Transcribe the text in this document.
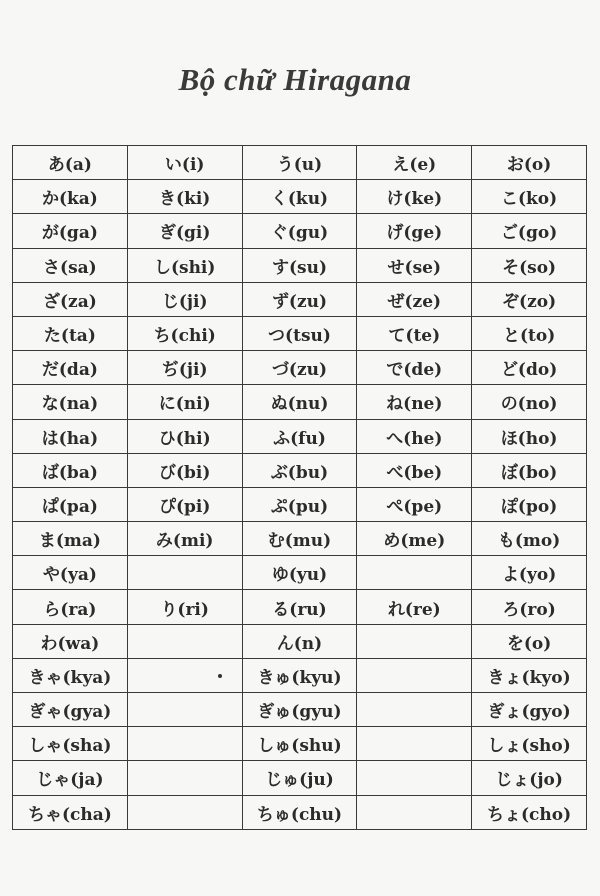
Bộ chữ Hiragana
あ(a)	い(i)	う(u)	え(e)	お(o)
か(ka)	き(ki)	く(ku)	け(ke)	こ(ko)
が(ga)	ぎ(gi)	ぐ(gu)	げ(ge)	ご(go)
さ(sa)	し(shi)	す(su)	せ(se)	そ(so)
ざ(za)	じ(ji)	ず(zu)	ぜ(ze)	ぞ(zo)
た(ta)	ち(chi)	つ(tsu)	て(te)	と(to)
だ(da)	ぢ(ji)	づ(zu)	で(de)	ど(do)
な(na)	に(ni)	ぬ(nu)	ね(ne)	の(no)
は(ha)	ひ(hi)	ふ(fu)	へ(he)	ほ(ho)
ば(ba)	び(bi)	ぶ(bu)	べ(be)	ぼ(bo)
ぱ(pa)	ぴ(pi)	ぷ(pu)	ぺ(pe)	ぽ(po)
ま(ma)	み(mi)	む(mu)	め(me)	も(mo)
や(ya)		ゆ(yu)		よ(yo)
ら(ra)	り(ri)	る(ru)	れ(re)	ろ(ro)
わ(wa)		ん(n)		を(o)
きゃ(kya)		きゅ(kyu)		きょ(kyo)
ぎゃ(gya)		ぎゅ(gyu)		ぎょ(gyo)
しゃ(sha)		しゅ(shu)		しょ(sho)
じゃ(ja)		じゅ(ju)		じょ(jo)
ちゃ(cha)		ちゅ(chu)		ちょ(cho)
